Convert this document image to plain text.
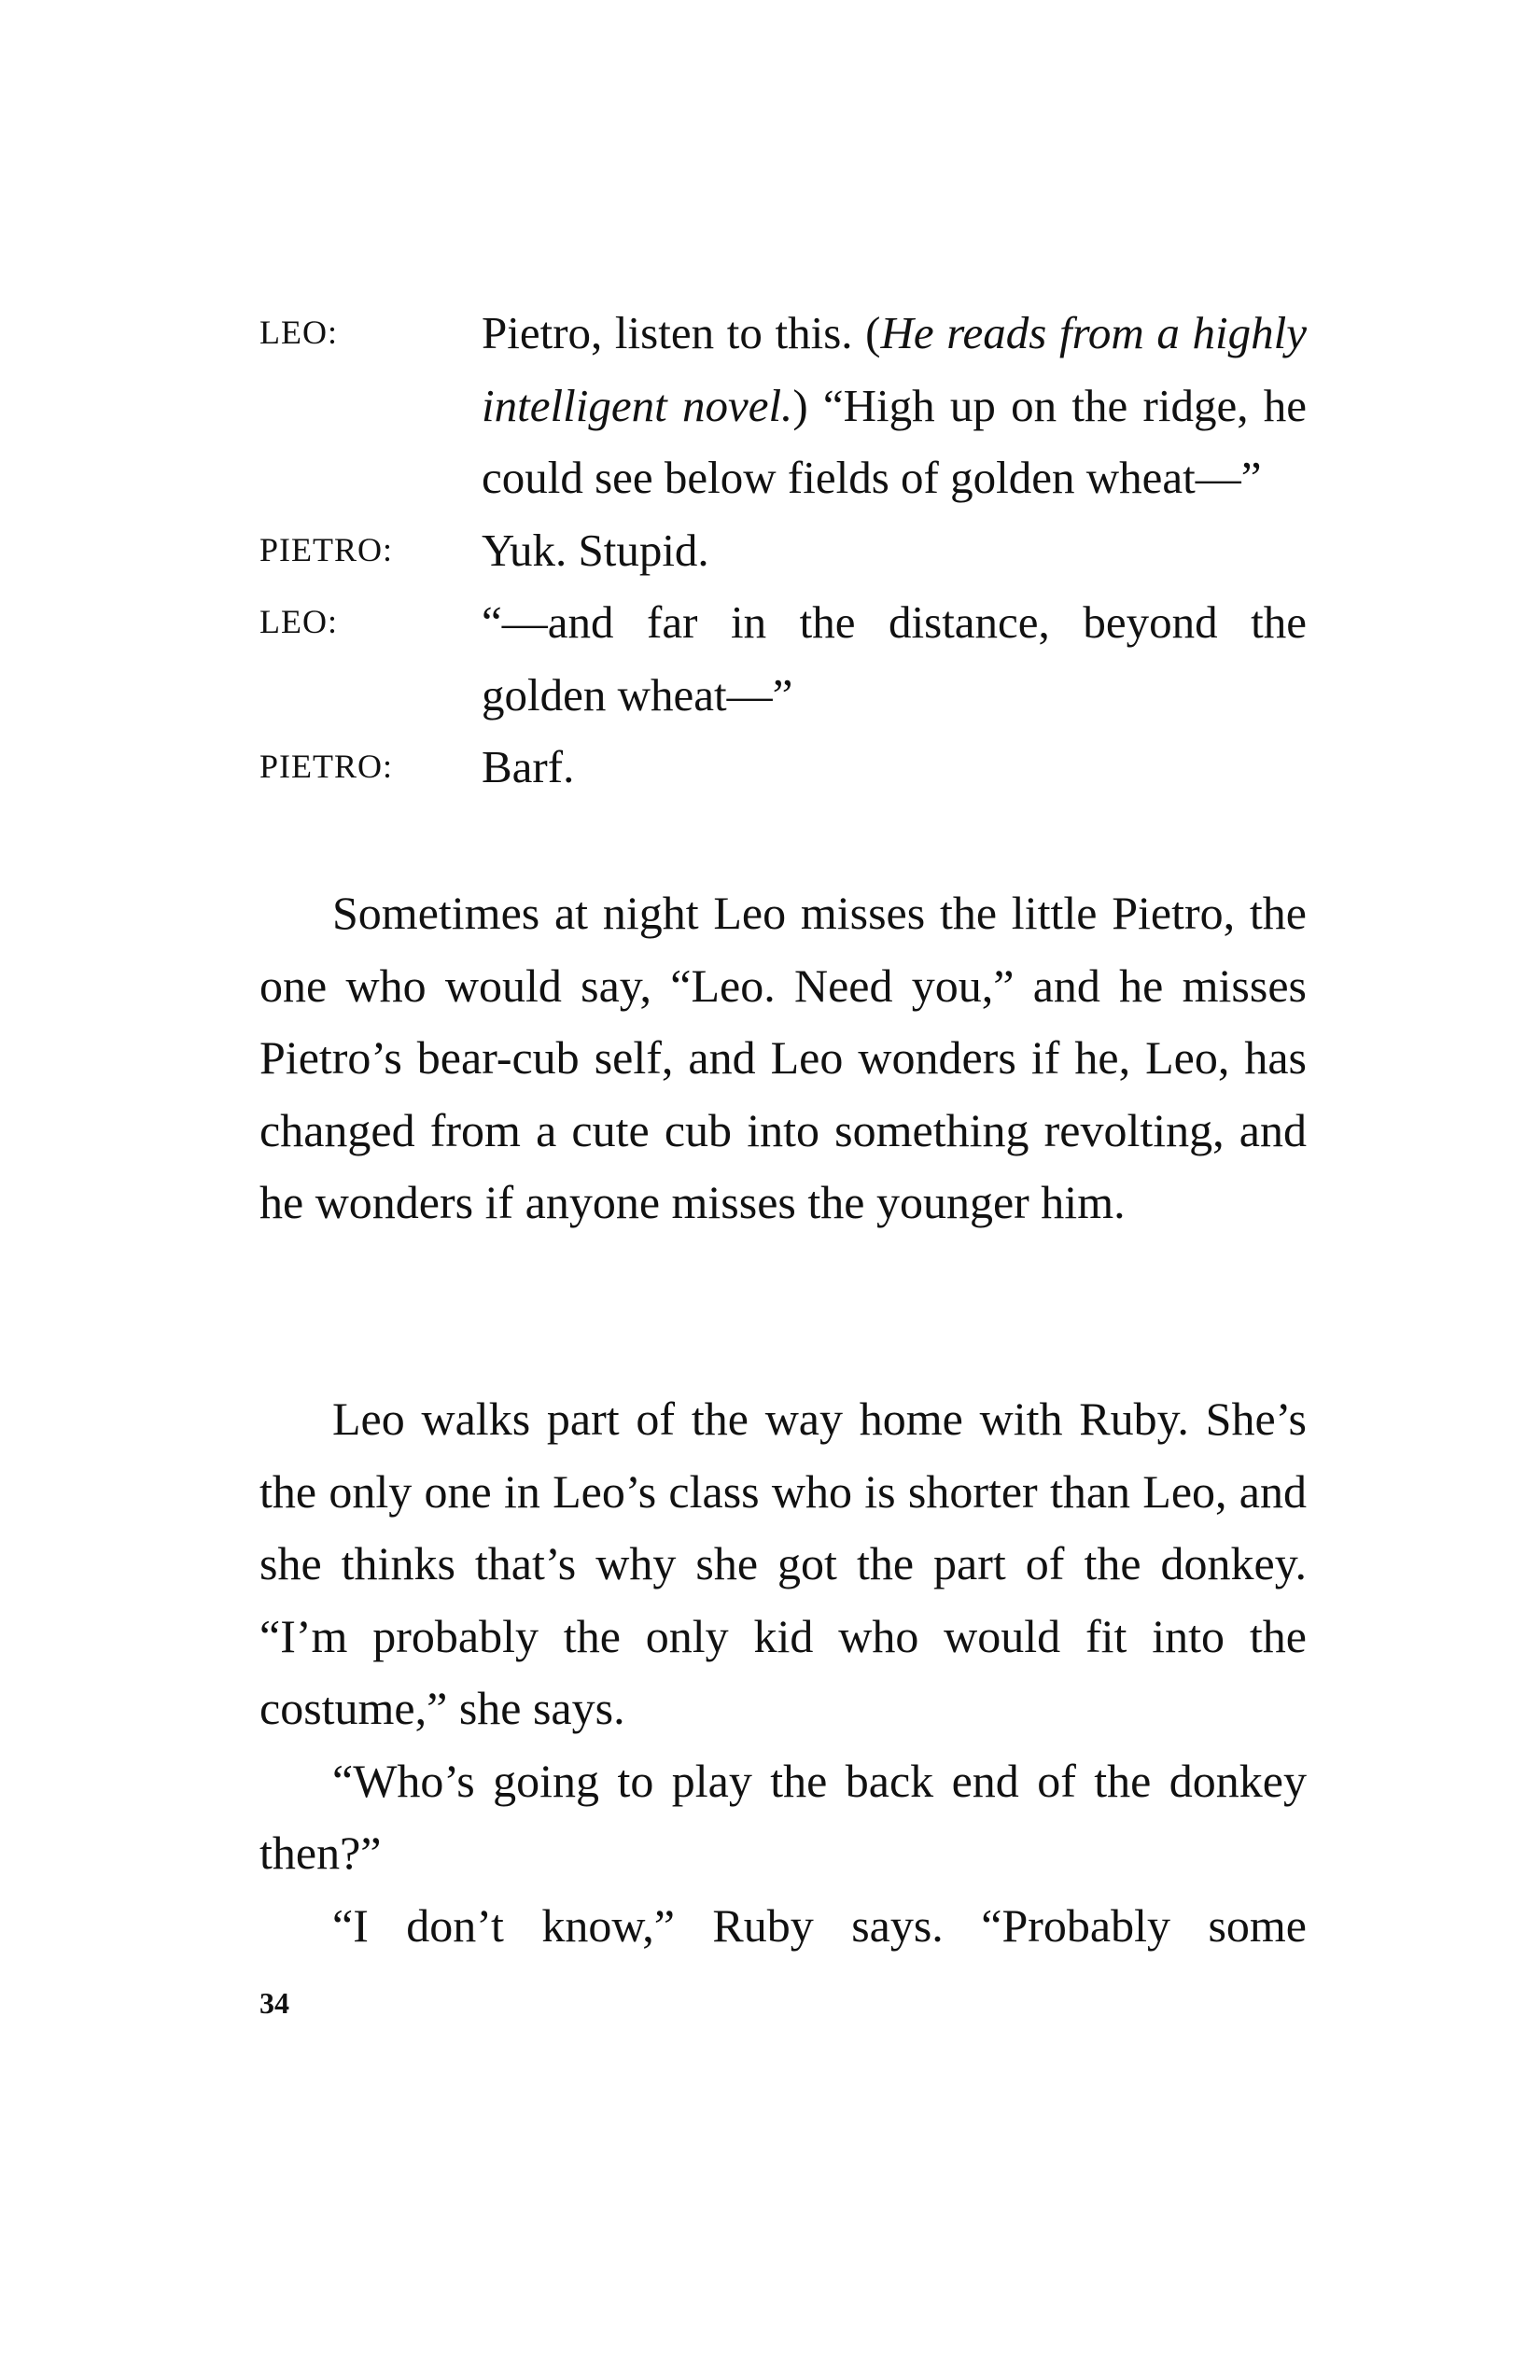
LEO:	Pietro, listen to this. (He reads from a highly intelligent novel.) “High up on the ridge, he could see below fields of golden wheat—”
PIETRO:	Yuk. Stupid.
LEO:	“—and far in the distance, beyond the golden wheat—”
PIETRO:	Barf.

Sometimes at night Leo misses the little Pietro, the one who would say, “Leo. Need you,” and he misses Pietro’s bear-cub self, and Leo wonders if he, Leo, has changed from a cute cub into something revolting, and he wonders if anyone misses the younger him.

Leo walks part of the way home with Ruby. She’s the only one in Leo’s class who is shorter than Leo, and she thinks that’s why she got the part of the donkey. “I’m probably the only kid who would fit into the costume,” she says.

“Who’s going to play the back end of the donkey then?”

“I don’t know,” Ruby says. “Probably some

34
